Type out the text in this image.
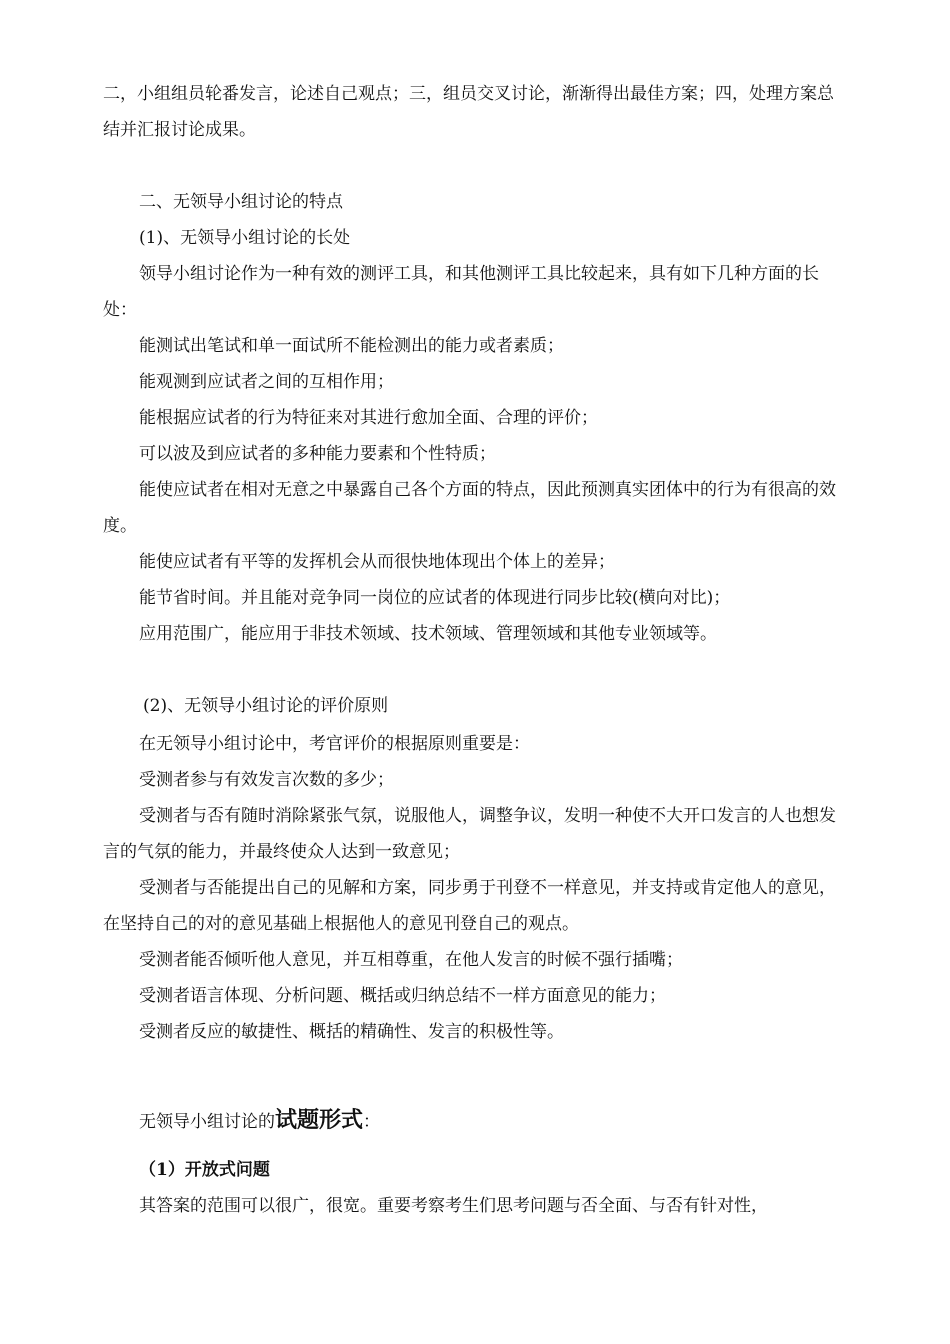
二，小组组员轮番发言，论述自己观点；三，组员交叉讨论，渐渐得出最佳方案；四，处理方案总结并汇报讨论成果。

二、无领导小组讨论的特点

(1)、无领导小组讨论的长处

领导小组讨论作为一种有效的测评工具，和其他测评工具比较起来，具有如下几种方面的长处：

能测试出笔试和单一面试所不能检测出的能力或者素质；

能观测到应试者之间的互相作用；

能根据应试者的行为特征来对其进行愈加全面、合理的评价；

可以波及到应试者的多种能力要素和个性特质；

能使应试者在相对无意之中暴露自己各个方面的特点，因此预测真实团体中的行为有很高的效度。

能使应试者有平等的发挥机会从而很快地体现出个体上的差异；

能节省时间。并且能对竞争同一岗位的应试者的体现进行同步比较(横向对比)；

应用范围广，能应用于非技术领域、技术领域、管理领域和其他专业领域等。

(2)、无领导小组讨论的评价原则

在无领导小组讨论中，考官评价的根据原则重要是：

受测者参与有效发言次数的多少；

受测者与否有随时消除紧张气氛，说服他人，调整争议，发明一种使不大开口发言的人也想发言的气氛的能力，并最终使众人达到一致意见；

受测者与否能提出自己的见解和方案，同步勇于刊登不一样意见，并支持或肯定他人的意见，在坚持自己的对的意见基础上根据他人的意见刊登自己的观点。

受测者能否倾听他人意见，并互相尊重，在他人发言的时候不强行插嘴；

受测者语言体现、分析问题、概括或归纳总结不一样方面意见的能力；

受测者反应的敏捷性、概括的精确性、发言的积极性等。

无领导小组讨论的试题形式：

（1）开放式问题

其答案的范围可以很广，很宽。重要考察考生们思考问题与否全面、与否有针对性，
